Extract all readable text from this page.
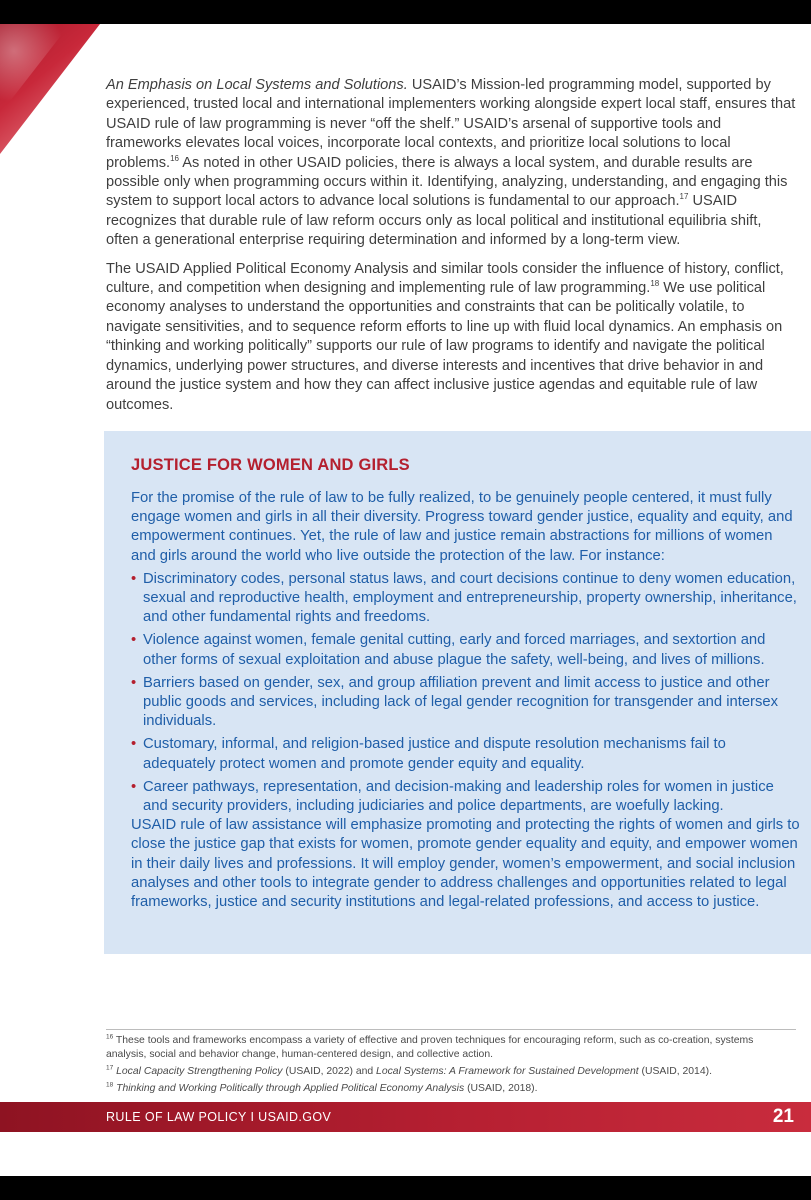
An Emphasis on Local Systems and Solutions. USAID’s Mission-led programming model, supported by experienced, trusted local and international implementers working alongside expert local staff, ensures that USAID rule of law programming is never “off the shelf.” USAID’s arsenal of supportive tools and frameworks elevates local voices, incorporate local contexts, and prioritize local solutions to local problems.$^{16}$ As noted in other USAID policies, there is always a local system, and durable results are possible only when programming occurs within it. Identifying, analyzing, understanding, and engaging this system to support local actors to advance local solutions is fundamental to our approach.$^{17}$ USAID recognizes that durable rule of law reform occurs only as local political and institutional equilibria shift, often a generational enterprise requiring determination and informed by a long-term view.

The USAID Applied Political Economy Analysis and similar tools consider the influence of history, conflict, culture, and competition when designing and implementing rule of law programming.$^{18}$ We use political economy analyses to understand the opportunities and constraints that can be politically volatile, to navigate sensitivities, and to sequence reform efforts to line up with fluid local dynamics. An emphasis on “thinking and working politically” supports our rule of law programs to identify and navigate the political dynamics, underlying power structures, and diverse interests and incentives that drive behavior in and around the justice system and how they can affect inclusive justice agendas and equitable rule of law outcomes.

JUSTICE FOR WOMEN AND GIRLS

For the promise of the rule of law to be fully realized, to be genuinely people centered, it must fully engage women and girls in all their diversity. Progress toward gender justice, equality and equity, and empowerment continues. Yet, the rule of law and justice remain abstractions for millions of women and girls around the world who live outside the protection of the law. For instance:

• Discriminatory codes, personal status laws, and court decisions continue to deny women education, sexual and reproductive health, employment and entrepreneurship, property ownership, inheritance, and other fundamental rights and freedoms.
• Violence against women, female genital cutting, early and forced marriages, and sextortion and other forms of sexual exploitation and abuse plague the safety, well-being, and lives of millions.
• Barriers based on gender, sex, and group affiliation prevent and limit access to justice and other public goods and services, including lack of legal gender recognition for transgender and intersex individuals.
• Customary, informal, and religion-based justice and dispute resolution mechanisms fail to adequately protect women and promote gender equity and equality.
• Career pathways, representation, and decision-making and leadership roles for women in justice and security providers, including judiciaries and police departments, are woefully lacking.

USAID rule of law assistance will emphasize promoting and protecting the rights of women and girls to close the justice gap that exists for women, promote gender equality and equity, and empower women in their daily lives and professions. It will employ gender, women’s empowerment, and social inclusion analyses and other tools to integrate gender to address challenges and opportunities related to legal frameworks, justice and security institutions and legal-related professions, and access to justice.

$^{16}$ These tools and frameworks encompass a variety of effective and proven techniques for encouraging reform, such as co-creation, systems analysis, social and behavior change, human-centered design, and collective action.

$^{17}$ Local Capacity Strengthening Policy (USAID, 2022) and Local Systems: A Framework for Sustained Development (USAID, 2014).

$^{18}$ Thinking and Working Politically through Applied Political Economy Analysis (USAID, 2018).

RULE OF LAW POLICY I USAID.GOV	21
